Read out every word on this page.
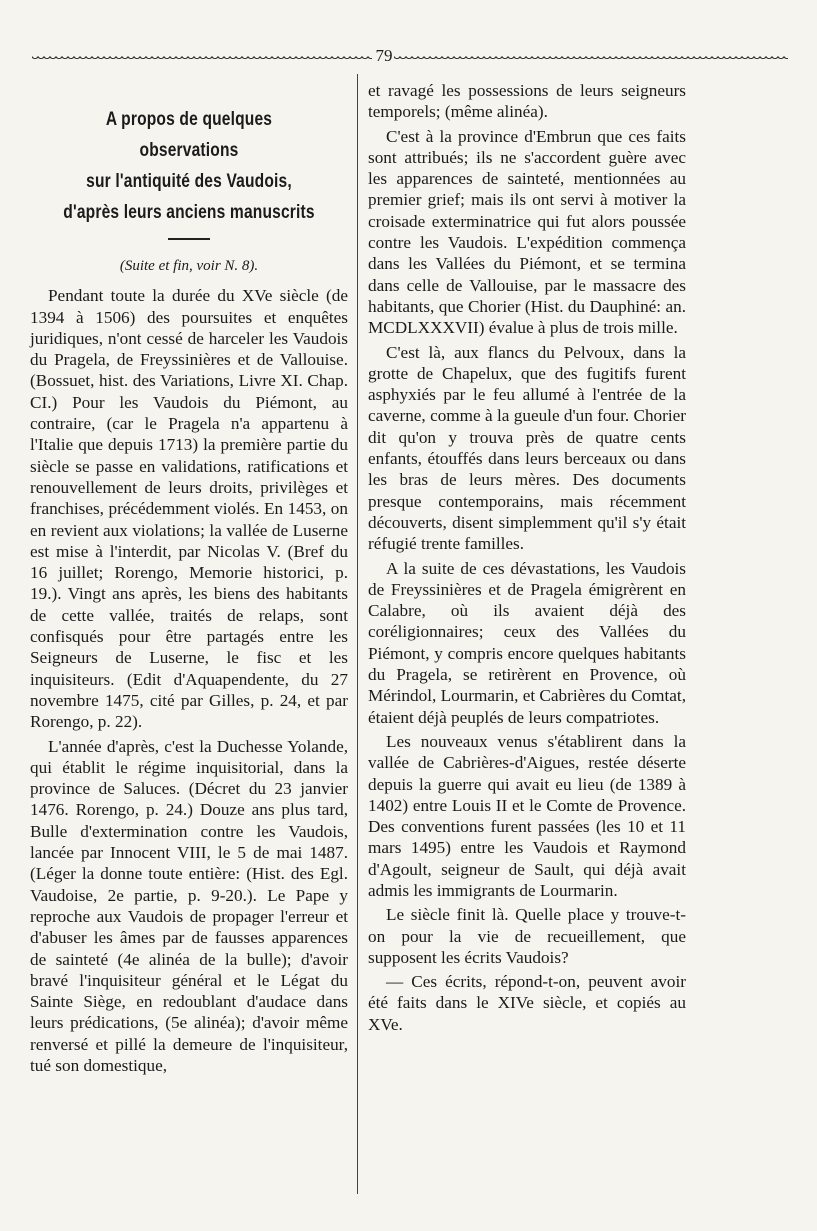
79
A propos de quelques observations
sur l'antiquité des Vaudois,
d'après leurs anciens manuscrits

(Suite et fin, voir N. 8).

Pendant toute la durée du XVe siècle (de 1394 à 1506) des poursuites et enquêtes juridiques, n'ont cessé de harceler les Vaudois du Pragela, de Freyssinières et de Vallouise. (Bossuet, hist. des Variations, Livre XI. Chap. CI.) Pour les Vaudois du Piémont, au contraire, (car le Pragela n'a appartenu à l'Italie que depuis 1713) la première partie du siècle se passe en validations, ratifications et renouvellement de leurs droits, privilèges et franchises, précédemment violés. En 1453, on en revient aux violations; la vallée de Luserne est mise à l'interdit, par Nicolas V. (Bref du 16 juillet; Rorengo, Memorie historici, p. 19.). Vingt ans après, les biens des habitants de cette vallée, traités de relaps, sont confisqués pour être partagés entre les Seigneurs de Luserne, le fisc et les inquisiteurs. (Edit d'Aquapendente, du 27 novembre 1475, cité par Gilles, p. 24, et par Rorengo, p. 22).

L'année d'après, c'est la Duchesse Yolande, qui établit le régime inquisitorial, dans la province de Saluces. (Décret du 23 janvier 1476. Rorengo, p. 24.) Douze ans plus tard, Bulle d'extermination contre les Vaudois, lancée par Innocent VIII, le 5 de mai 1487. (Léger la donne toute entière: (Hist. des Egl. Vaudoise, 2e partie, p. 9-20.). Le Pape y reproche aux Vaudois de propager l'erreur et d'abuser les âmes par de fausses apparences de sainteté (4e alinéa de la bulle); d'avoir bravé l'inquisiteur général et le Légat du Sainte Siège, en redoublant d'audace dans leurs prédications, (5e alinéa); d'avoir même renversé et pillé la demeure de l'inquisiteur, tué son domestique,

et ravagé les possessions de leurs seigneurs temporels; (même alinéa).

C'est à la province d'Embrun que ces faits sont attribués; ils ne s'accordent guère avec les apparences de sainteté, mentionnées au premier grief; mais ils ont servi à motiver la croisade exterminatrice qui fut alors poussée contre les Vaudois. L'expédition commença dans les Vallées du Piémont, et se termina dans celle de Vallouise, par le massacre des habitants, que Chorier (Hist. du Dauphiné: an. MCDLXXXVII) évalue à plus de trois mille.

C'est là, aux flancs du Pelvoux, dans la grotte de Chapelux, que des fugitifs furent asphyxiés par le feu allumé à l'entrée de la caverne, comme à la gueule d'un four. Chorier dit qu'on y trouva près de quatre cents enfants, étouffés dans leurs berceaux ou dans les bras de leurs mères. Des documents presque contemporains, mais récemment découverts, disent simplemment qu'il s'y était réfugié trente familles.

A la suite de ces dévastations, les Vaudois de Freyssinières et de Pragela émigrèrent en Calabre, où ils avaient déjà des coréligionnaires; ceux des Vallées du Piémont, y compris encore quelques habitants du Pragela, se retirèrent en Provence, où Mérindol, Lourmarin, et Cabrières du Comtat, étaient déjà peuplés de leurs compatriotes.

Les nouveaux venus s'établirent dans la vallée de Cabrières-d'Aigues, restée déserte depuis la guerre qui avait eu lieu (de 1389 à 1402) entre Louis II et le Comte de Provence. Des conventions furent passées (les 10 et 11 mars 1495) entre les Vaudois et Raymond d'Agoult, seigneur de Sault, qui déjà avait admis les immigrants de Lourmarin.

Le siècle finit là. Quelle place y trouve-t-on pour la vie de recueillement, que supposent les écrits Vaudois?

— Ces écrits, répond-t-on, peuvent avoir été faits dans le XIVe siècle, et copiés au XVe.
